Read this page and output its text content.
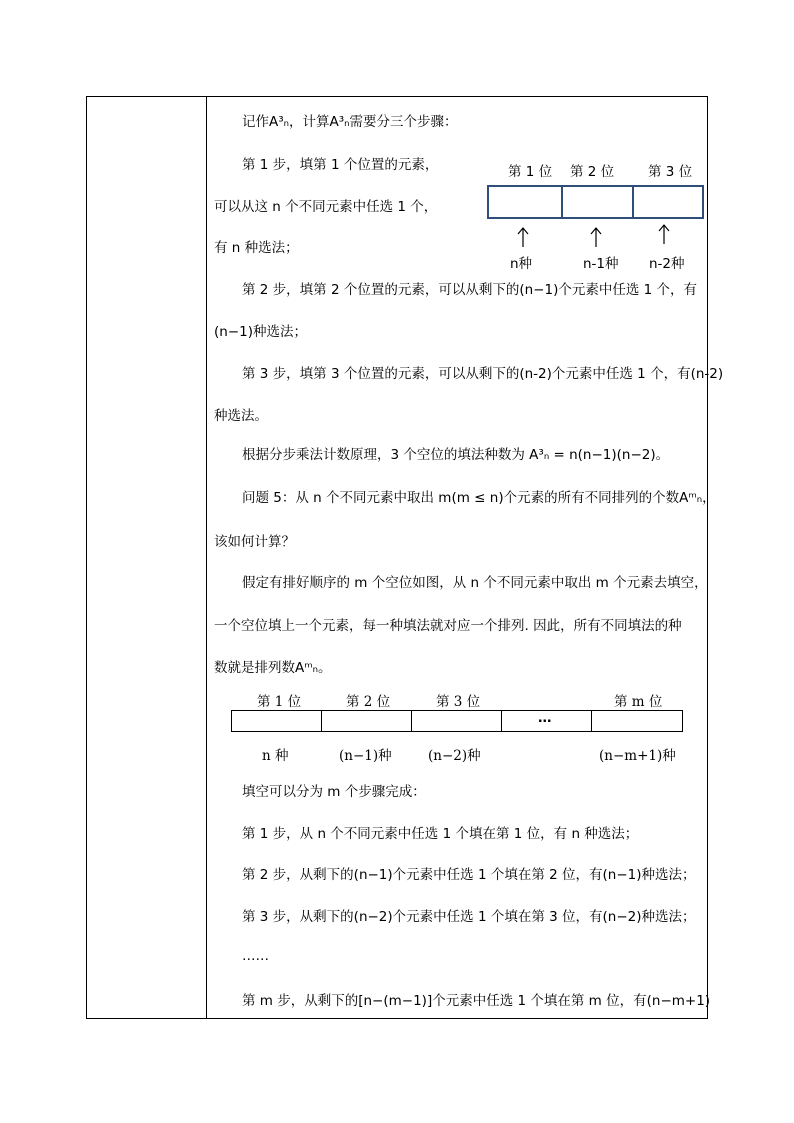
记作A³ₙ，计算A³ₙ需要分三个步骤：
第 1 步，填第 1 个位置的元素，
可以从这 n 个不同元素中任选 1 个，
有 n 种选法；
第 2 步，填第 2 个位置的元素，可以从剩下的(n−1)个元素中任选 1 个，有
(n−1)种选法；
第 3 步，填第 3 个位置的元素，可以从剩下的(n-2)个元素中任选 1 个，有(n-2)
种选法。
根据分步乘法计数原理，3 个空位的填法种数为 A³ₙ = n(n−1)(n−2)。
问题 5：从 n 个不同元素中取出 m(m ≤ n)个元素的所有不同排列的个数Aᵐₙ，
该如何计算？
假定有排好顺序的 m 个空位如图，从 n 个不同元素中取出 m 个元素去填空，
一个空位填上一个元素，每一种填法就对应一个排列. 因此，所有不同填法的种
数就是排列数Aᵐₙ。
第 1 位 第 2 位	第 3 位
n种	n-1种 n-2种
第 1 位	第 2 位	第 3 位	第 m 位
…
n 种	(n−1)种	(n−2)种	(n−m+1)种
填空可以分为 m 个步骤完成：
第 1 步，从 n 个不同元素中任选 1 个填在第 1 位，有 n 种选法；
第 2 步，从剩下的(n−1)个元素中任选 1 个填在第 2 位，有(n−1)种选法；
第 3 步，从剩下的(n−2)个元素中任选 1 个填在第 3 位，有(n−2)种选法；
……
第 m 步，从剩下的[n−(m−1)]个元素中任选 1 个填在第 m 位，有(n−m+1)
